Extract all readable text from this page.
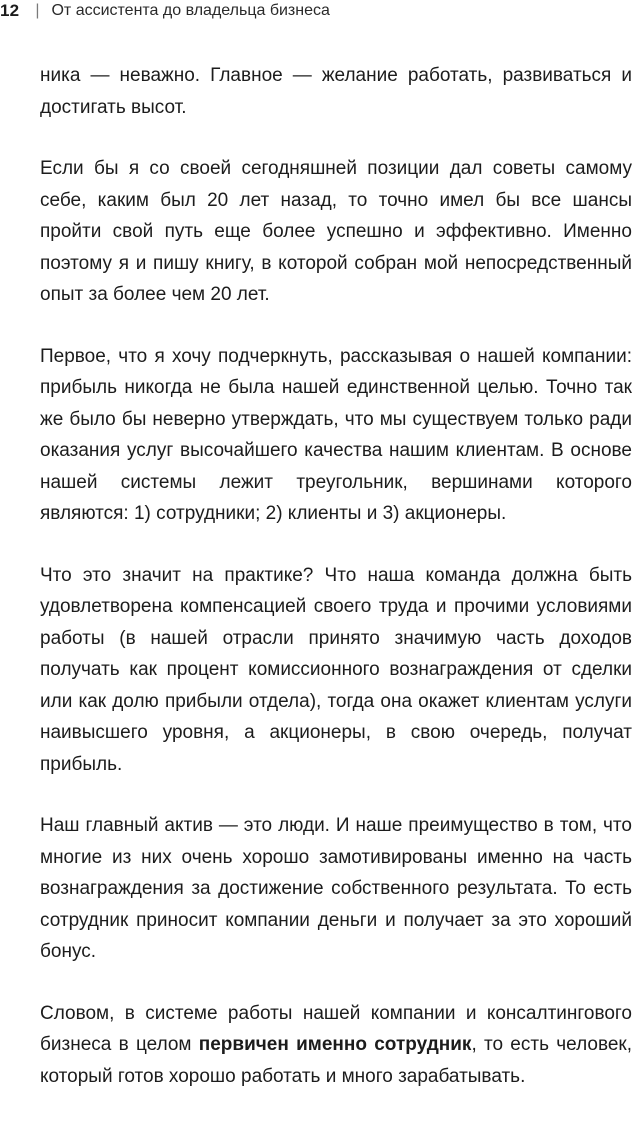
12 | От ассистента до владельца бизнеса

ника — неважно. Главное — желание работать, развиваться и достигать высот.

Если бы я со своей сегодняшней позиции дал советы самому себе, каким был 20 лет назад, то точно имел бы все шансы пройти свой путь еще более успешно и эффективно. Именно поэтому я и пишу книгу, в которой собран мой непосредственный опыт за более чем 20 лет.

Первое, что я хочу подчеркнуть, рассказывая о нашей компании: прибыль никогда не была нашей единственной целью. Точно так же было бы неверно утверждать, что мы существуем только ради оказания услуг высочайшего качества нашим клиентам. В основе нашей системы лежит треугольник, вершинами которого являются: 1) сотрудники; 2) клиенты и 3) акционеры.

Что это значит на практике? Что наша команда должна быть удовлетворена компенсацией своего труда и прочими условиями работы (в нашей отрасли принято значимую часть доходов получать как процент комиссионного вознаграждения от сделки или как долю прибыли отдела), тогда она окажет клиентам услуги наивысшего уровня, а акционеры, в свою очередь, получат прибыль.

Наш главный актив — это люди. И наше преимущество в том, что многие из них очень хорошо замотивированы именно на часть вознаграждения за достижение собственного результата. То есть сотрудник приносит компании деньги и получает за это хороший бонус.

Словом, в системе работы нашей компании и консалтингового бизнеса в целом первичен именно сотрудник, то есть человек, который готов хорошо работать и много зарабатывать.
